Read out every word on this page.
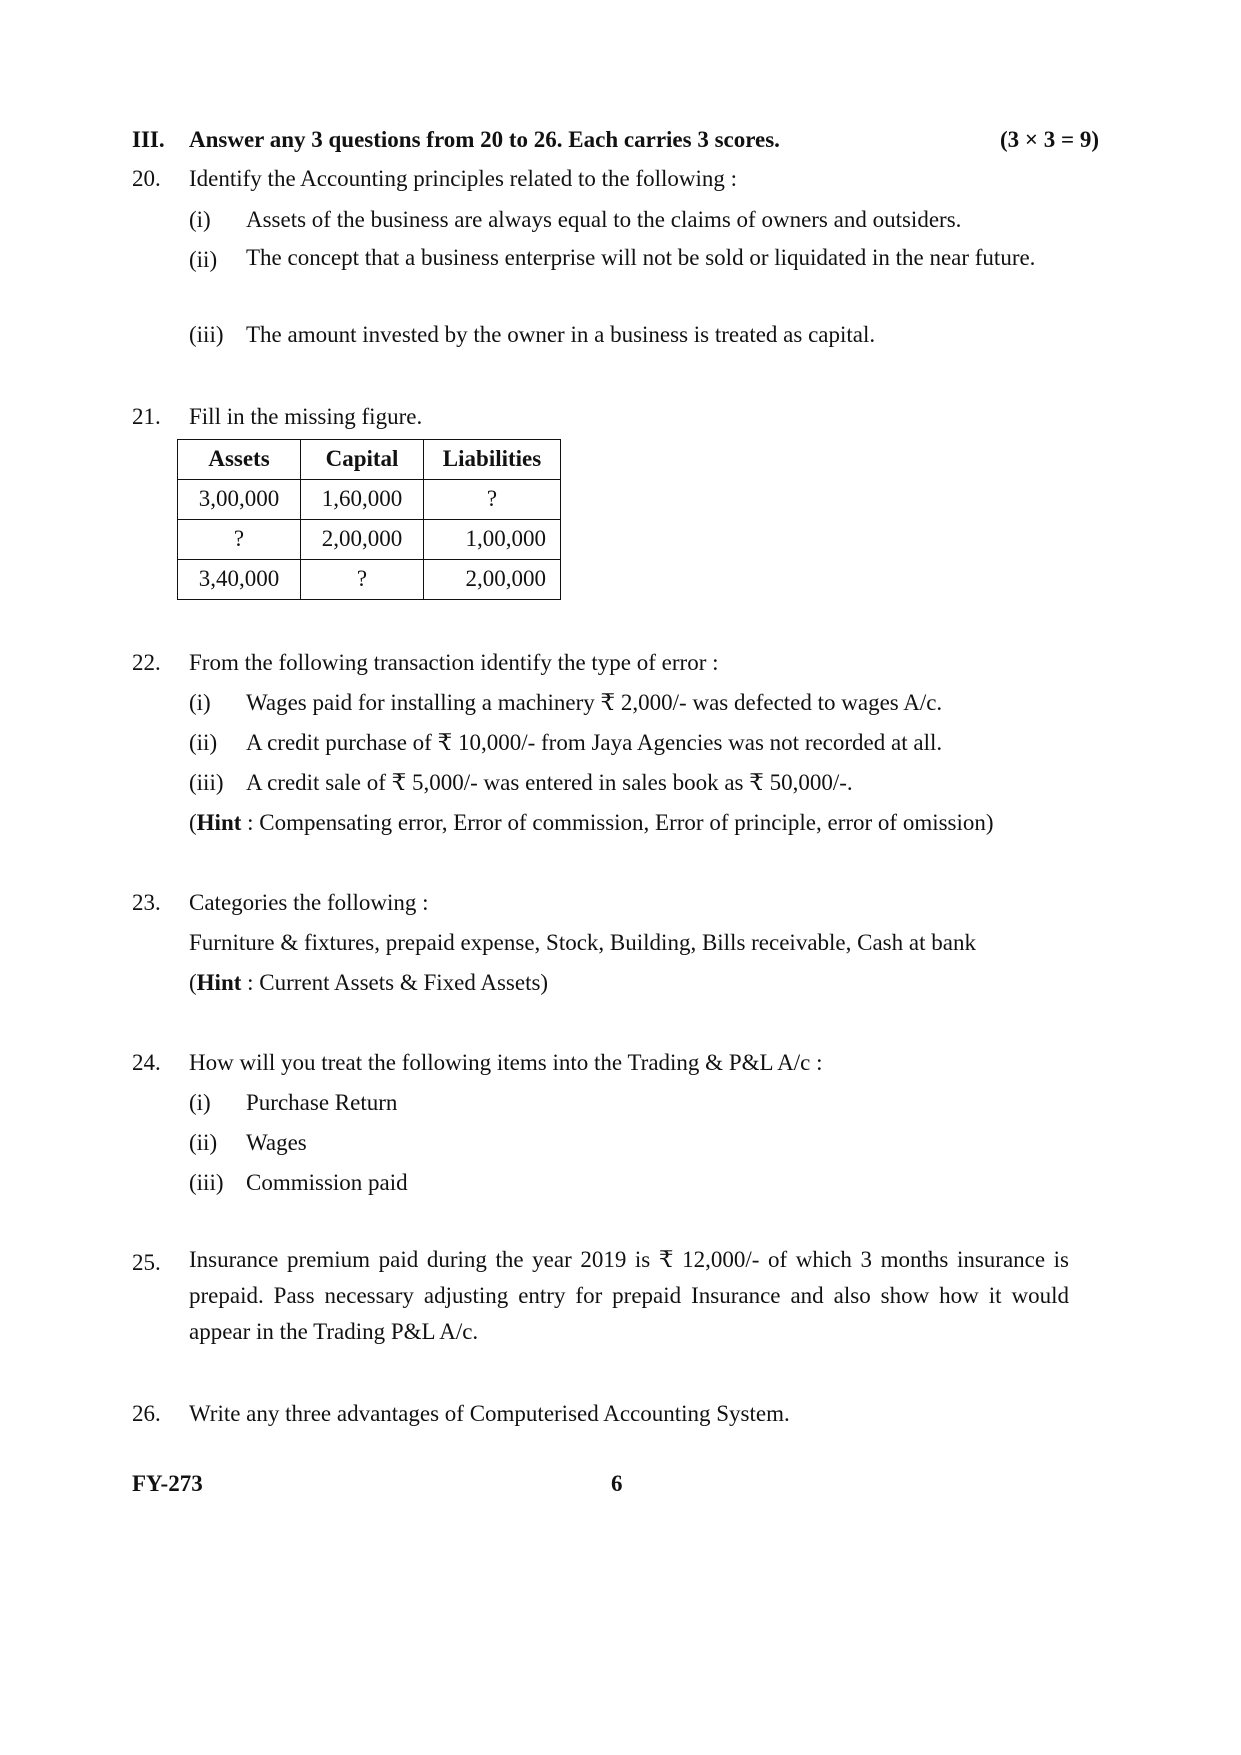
III. Answer any 3 questions from 20 to 26. Each carries 3 scores.	(3 × 3 = 9)
20. Identify the Accounting principles related to the following :
(i) Assets of the business are always equal to the claims of owners and outsiders.
(ii) The concept that a business enterprise will not be sold or liquidated in the near future.
(iii) The amount invested by the owner in a business is treated as capital.
21. Fill in the missing figure.
Assets	Capital	Liabilities
3,00,000	1,60,000	?
?	2,00,000	1,00,000
3,40,000	?	2,00,000
22. From the following transaction identify the type of error :
(i) Wages paid for installing a machinery ₹ 2,000/- was defected to wages A/c.
(ii) A credit purchase of ₹ 10,000/- from Jaya Agencies was not recorded at all.
(iii) A credit sale of ₹ 5,000/- was entered in sales book as ₹ 50,000/-.
(Hint : Compensating error, Error of commission, Error of principle, error of omission)
23. Categories the following :
Furniture & fixtures, prepaid expense, Stock, Building, Bills receivable, Cash at bank
(Hint : Current Assets & Fixed Assets)
24. How will you treat the following items into the Trading & P&L A/c :
(i) Purchase Return
(ii) Wages
(iii) Commission paid
25. Insurance premium paid during the year 2019 is ₹ 12,000/- of which 3 months insurance is prepaid. Pass necessary adjusting entry for prepaid Insurance and also show how it would appear in the Trading P&L A/c.
26. Write any three advantages of Computerised Accounting System.
FY-273	6
